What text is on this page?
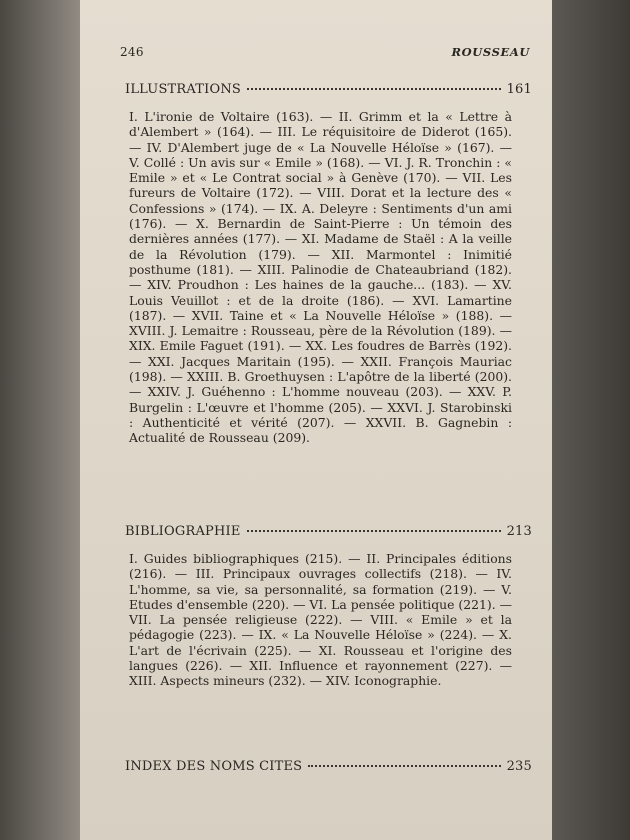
246	ROUSSEAU
ILLUSTRATIONS	161
I. L'ironie de Voltaire (163). — II. Grimm et la « Lettre à d'Alembert » (164). — III. Le réquisitoire de Diderot (165). — IV. D'Alembert juge de « La Nouvelle Héloïse » (167). — V. Collé : Un avis sur « Emile » (168). — VI. J. R. Tronchin : « Emile » et « Le Contrat social » à Genève (170). — VII. Les fureurs de Voltaire (172). — VIII. Dorat et la lecture des « Confessions » (174). — IX. A. Deleyre : Sentiments d'un ami (176). — X. Bernardin de Saint-Pierre : Un témoin des dernières années (177). — XI. Madame de Staël : A la veille de la Révolution (179). — XII. Marmontel : Inimitié posthume (181). — XIII. Palinodie de Chateaubriand (182). — XIV. Proudhon : Les haines de la gauche... (183). — XV. Louis Veuillot : et de la droite (186). — XVI. Lamartine (187). — XVII. Taine et « La Nouvelle Héloïse » (188). — XVIII. J. Lemaitre : Rousseau, père de la Révolution (189). — XIX. Emile Faguet (191). — XX. Les foudres de Barrès (192). — XXI. Jacques Maritain (195). — XXII. François Mauriac (198). — XXIII. B. Groethuysen : L'apôtre de la liberté (200). — XXIV. J. Guéhenno : L'homme nouveau (203). — XXV. P. Burgelin : L'œuvre et l'homme (205). — XXVI. J. Starobinski : Authenticité et vérité (207). — XXVII. B. Gagnebin : Actualité de Rousseau (209).
BIBLIOGRAPHIE	213
I. Guides bibliographiques (215). — II. Principales éditions (216). — III. Principaux ouvrages collectifs (218). — IV. L'homme, sa vie, sa personnalité, sa formation (219). — V. Etudes d'ensemble (220). — VI. La pensée politique (221). — VII. La pensée religieuse (222). — VIII. « Emile » et la pédagogie (223). — IX. « La Nouvelle Héloïse » (224). — X. L'art de l'écrivain (225). — XI. Rousseau et l'origine des langues (226). — XII. Influence et rayonnement (227). — XIII. Aspects mineurs (232). — XIV. Iconographie.
INDEX DES NOMS CITES	235
